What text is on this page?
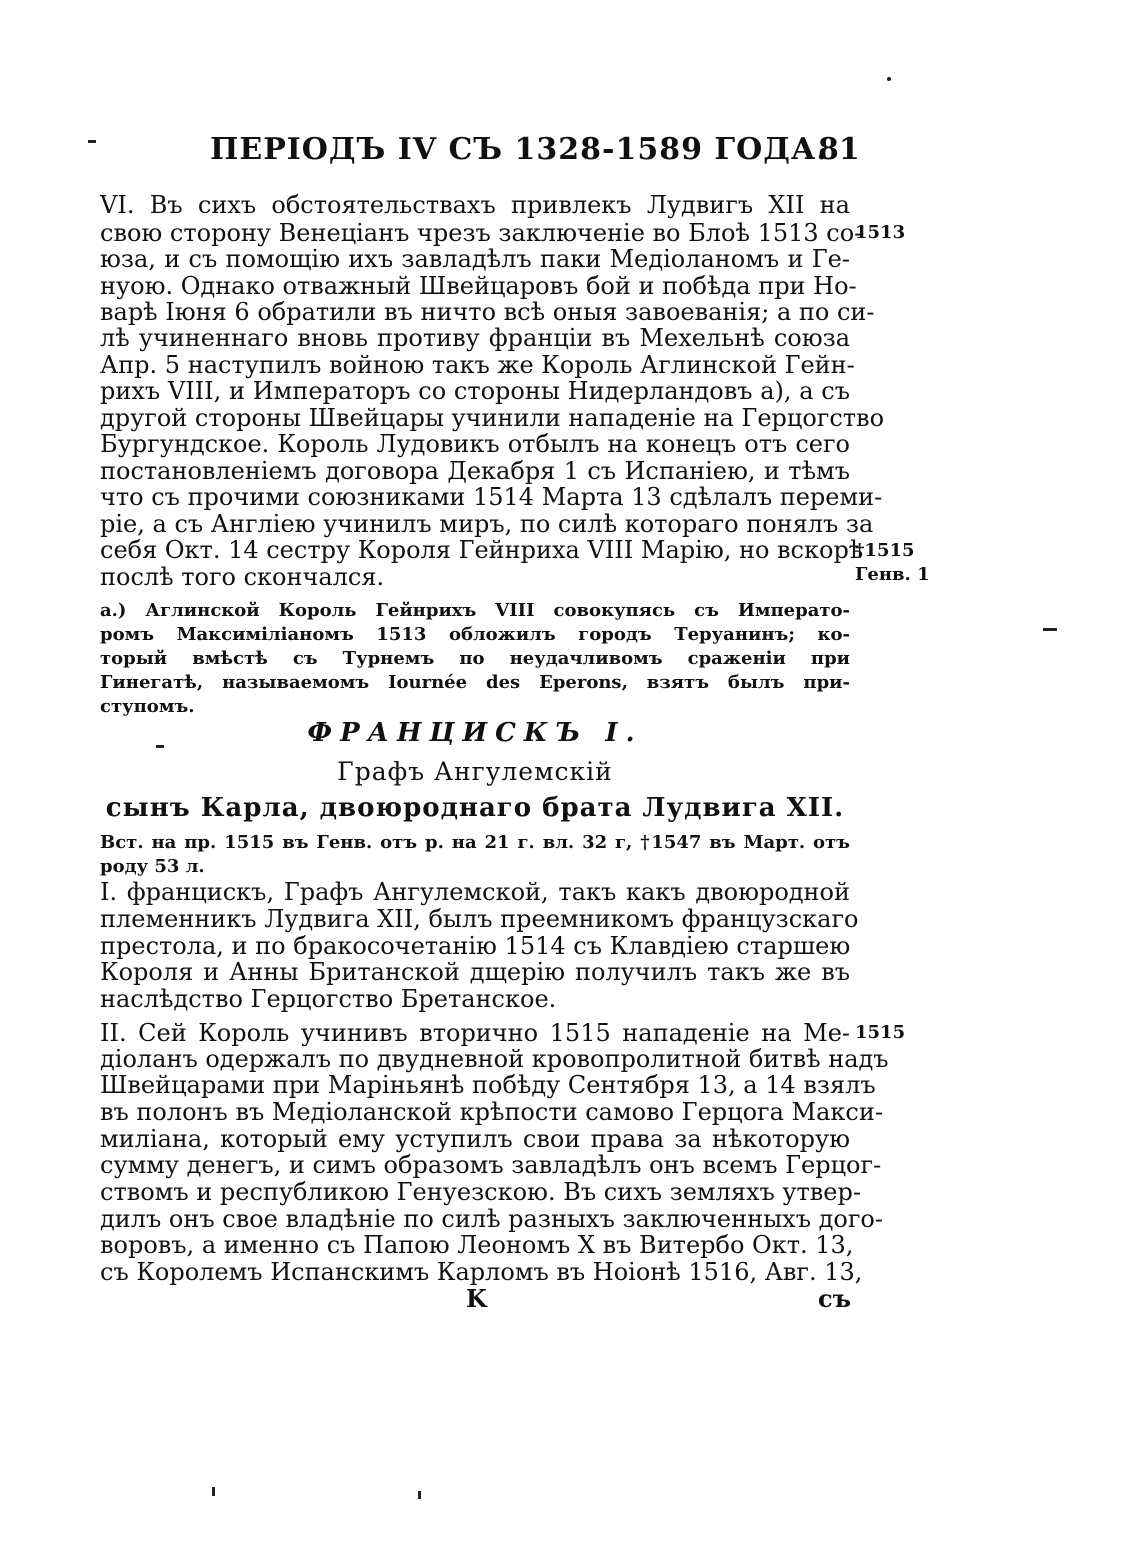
ПЕРІОДЪ IV СЪ 1328-1589 ГОДА.
81
VI. Въ сихъ обстоятельствахъ привлекъ Лудвигъ XII на
свою сторону Венеціанъ чрезъ заключеніе во Блоѣ 1513 со-
юза, и съ помощію ихъ завладѣлъ паки Медіоланомъ и Ге-
нуою. Однако отважный Швейцаровъ бой и побѣда при Но-
варѣ Іюня 6 обратили въ ничто всѣ оныя завоеванія; а по си-
лѣ учиненнаго вновь противу франціи въ Мехельнѣ союза
Апр. 5 наступилъ войною такъ же Король Аглинской Гейн-
рихъ VIII, и Императоръ со стороны Нидерландовъ а), а съ
другой стороны Швейцары учинили нападеніе на Герцогство
Бургундское. Король Лудовикъ отбылъ на конецъ отъ сего
постановленіемъ договора Декабря 1 съ Испаніею, и тѣмъ
что съ прочими союзниками 1514 Марта 13 сдѣлалъ переми-
ріе, а съ Англіею учинилъ миръ, по силѣ котораго понялъ за
себя Окт. 14 сестру Короля Гейнриха VIII Марію, но вскорѣ
послѣ того скончался.
а.) Аглинской Король Гейнрихъ VIII совокупясь съ Императо-
ромъ Максиміліаномъ 1513 обложилъ городъ Теруанинъ; ко-
торый вмѣстѣ съ Турнемъ по неудачливомъ сраженіи при
Гинегатѣ, называемомъ Iournée des Eperons, взятъ былъ при-
ступомъ.
ФРАНЦИСКЪ I.
Графъ Ангулемскій
сынъ Карла, двоюроднаго брата Лудвига XII.
Вст. на пр. 1515 въ Генв. отъ р. на 21 г. вл. 32 г, †1547 въ Март. отъ
роду 53 л.
I. францискъ, Графъ Ангулемской, такъ какъ двоюродной
племенникъ Лудвига XII, былъ преемникомъ французскаго
престола, и по бракосочетанію 1514 съ Клавдіею старшею
Короля и Анны Британской дщерію получилъ такъ же въ
наслѣдство Герцогство Бретанское.
II. Сей Король учинивъ вторично 1515 нападеніе на Ме-
діоланъ одержалъ по двудневной кровопролитной битвѣ надъ
Швейцарами при Маріньянѣ побѣду Сентября 13, а 14 взялъ
въ полонъ въ Медіоланской крѣпости самово Герцога Макси-
миліана, который ему уступилъ свои права за нѣкоторую
сумму денегъ, и симъ образомъ завладѣлъ онъ всемъ Герцог-
ствомъ и республикою Генуезскою. Въ сихъ земляхъ утвер-
дилъ онъ свое владѣніе по силѣ разныхъ заключенныхъ дого-
воровъ, а именно съ Папою Леономъ X въ Витербо Окт. 13,
съ Королемъ Испанскимъ Карломъ въ Ноіонѣ 1516, Авг. 13,
1513
†1515
Генв. 1
1515
K	съ
